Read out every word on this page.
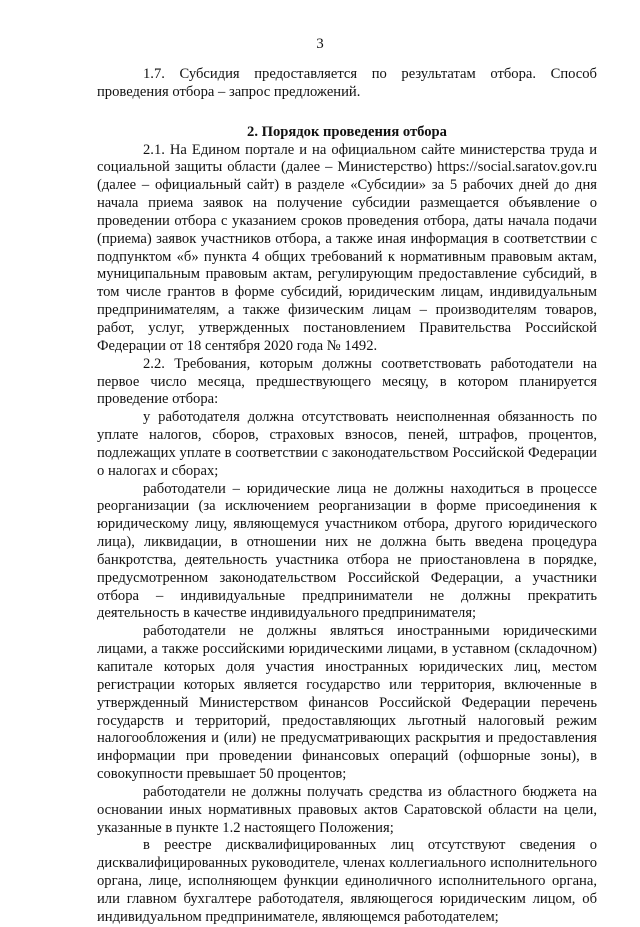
3

1.7. Субсидия предоставляется по результатам отбора. Способ проведения отбора – запрос предложений.

2. Порядок проведения отбора

2.1. На Едином портале и на официальном сайте министерства труда и социальной защиты области (далее – Министерство) https://social.saratov.gov.ru (далее – официальный сайт) в разделе «Субсидии» за 5 рабочих дней до дня начала приема заявок на получение субсидии размещается объявление о проведении отбора с указанием сроков проведения отбора, даты начала подачи (приема) заявок участников отбора, а также иная информация в соответствии с подпунктом «б» пункта 4 общих требований к нормативным правовым актам, муниципальным правовым актам, регулирующим предоставление субсидий, в том числе грантов в форме субсидий, юридическим лицам, индивидуальным предпринимателям, а также физическим лицам – производителям товаров, работ, услуг, утвержденных постановлением Правительства Российской Федерации от 18 сентября 2020 года № 1492.

2.2. Требования, которым должны соответствовать работодатели на первое число месяца, предшествующего месяцу, в котором планируется проведение отбора:

у работодателя должна отсутствовать неисполненная обязанность по уплате налогов, сборов, страховых взносов, пеней, штрафов, процентов, подлежащих уплате в соответствии с законодательством Российской Федерации о налогах и сборах;

работодатели – юридические лица не должны находиться в процессе реорганизации (за исключением реорганизации в форме присоединения к юридическому лицу, являющемуся участником отбора, другого юридического лица), ликвидации, в отношении них не должна быть введена процедура банкротства, деятельность участника отбора не приостановлена в порядке, предусмотренном законодательством Российской Федерации, а участники отбора – индивидуальные предприниматели не должны прекратить деятельность в качестве индивидуального предпринимателя;

работодатели не должны являться иностранными юридическими лицами, а также российскими юридическими лицами, в уставном (складочном) капитале которых доля участия иностранных юридических лиц, местом регистрации которых является государство или территория, включенные в утвержденный Министерством финансов Российской Федерации перечень государств и территорий, предоставляющих льготный налоговый режим налогообложения и (или) не предусматривающих раскрытия и предоставления информации при проведении финансовых операций (офшорные зоны), в совокупности превышает 50 процентов;

работодатели не должны получать средства из областного бюджета на основании иных нормативных правовых актов Саратовской области на цели, указанные в пункте 1.2 настоящего Положения;

в реестре дисквалифицированных лиц отсутствуют сведения о дисквалифицированных руководителе, членах коллегиального исполнительного органа, лице, исполняющем функции единоличного исполнительного органа, или главном бухгалтере работодателя, являющегося юридическим лицом, об индивидуальном предпринимателе, являющемся работодателем;
